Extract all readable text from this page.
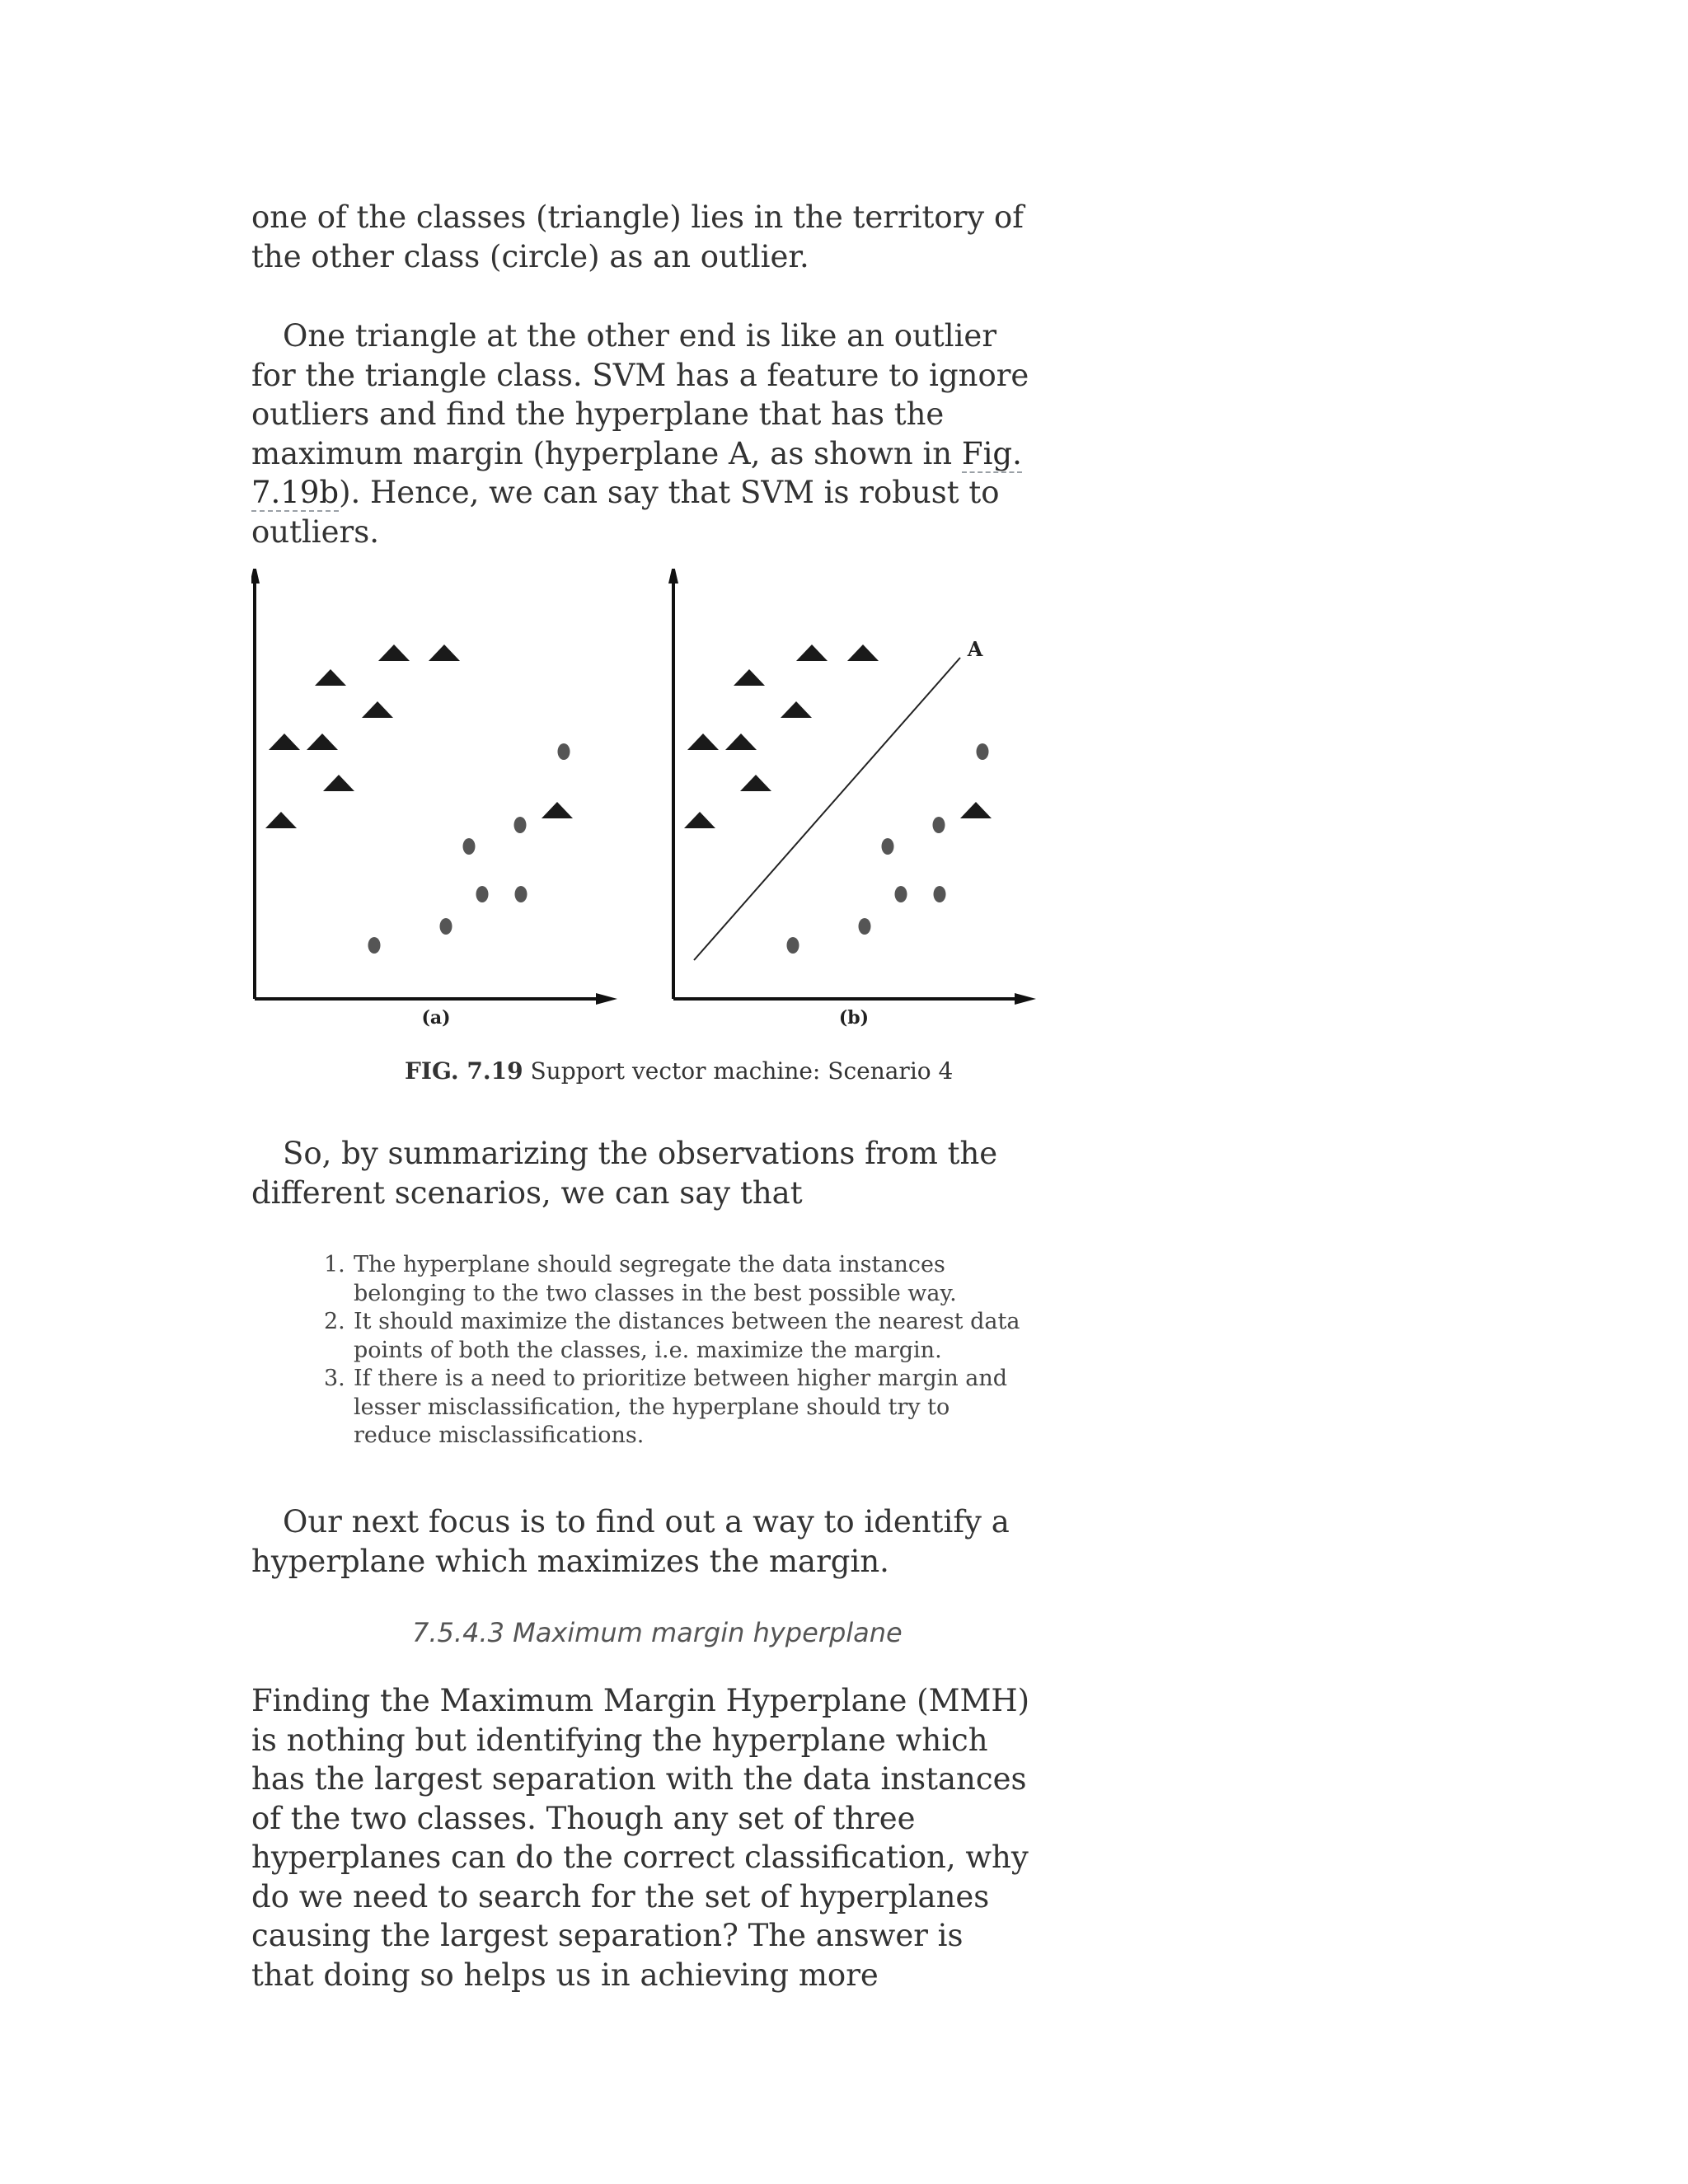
one of the classes (triangle) lies in the territory of the other class (circle) as an outlier.

One triangle at the other end is like an outlier for the triangle class. SVM has a feature to ignore outliers and find the hyperplane that has the maximum margin (hyperplane A, as shown in Fig. 7.19b). Hence, we can say that SVM is robust to outliers.

(a)
A
(b)
FIG. 7.19 Support vector machine: Scenario 4

So, by summarizing the observations from the different scenarios, we can say that

1. The hyperplane should segregate the data instances belonging to the two classes in the best possible way.
2. It should maximize the distances between the nearest data points of both the classes, i.e. maximize the margin.
3. If there is a need to prioritize between higher margin and lesser misclassification, the hyperplane should try to reduce misclassifications.

Our next focus is to find out a way to identify a hyperplane which maximizes the margin.

7.5.4.3 Maximum margin hyperplane

Finding the Maximum Margin Hyperplane (MMH) is nothing but identifying the hyperplane which has the largest separation with the data instances of the two classes. Though any set of three hyperplanes can do the correct classification, why do we need to search for the set of hyperplanes causing the largest separation? The answer is that doing so helps us in achieving more
